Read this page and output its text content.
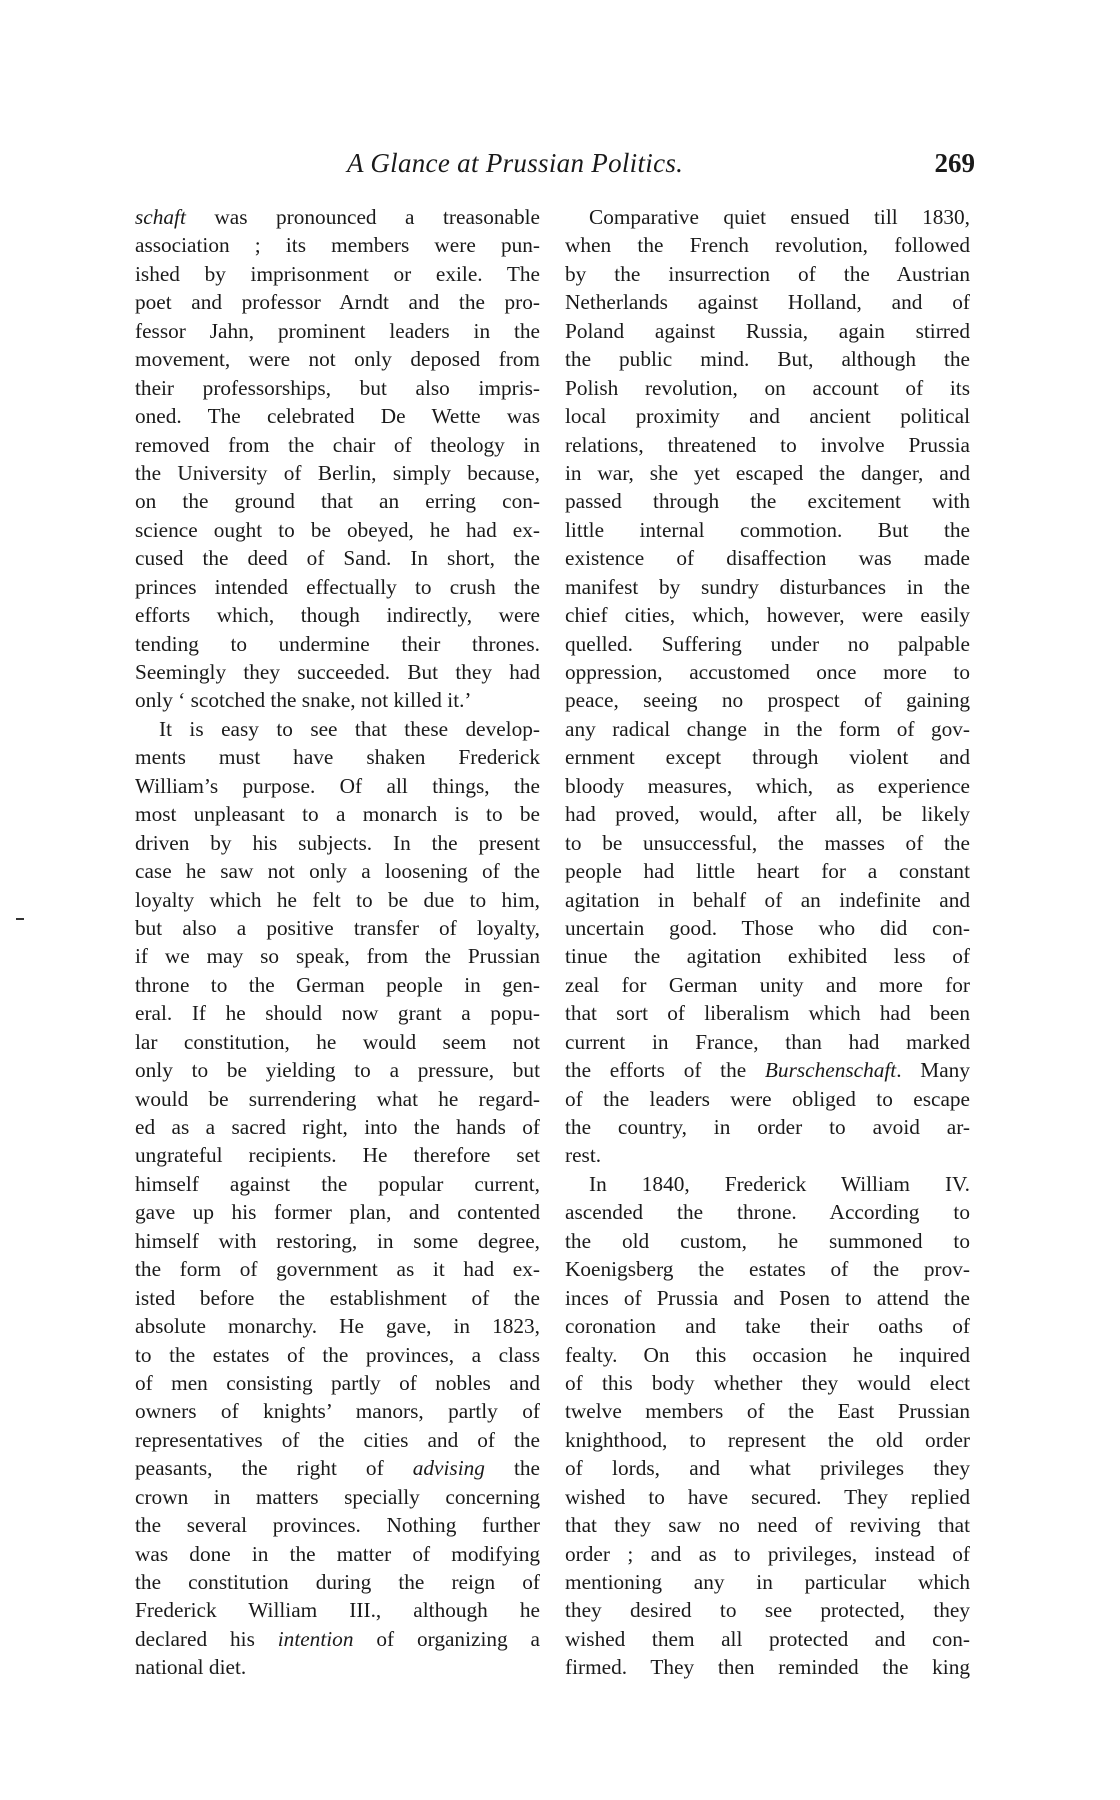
A Glance at Prussian Politics.	269
schaft was pronounced a treasonable
association ; its members were pun-
ished by imprisonment or exile. The
poet and professor Arndt and the pro-
fessor Jahn, prominent leaders in the
movement, were not only deposed from
their professorships, but also impris-
oned. The celebrated De Wette was
removed from the chair of theology in
the University of Berlin, simply because,
on the ground that an erring con-
science ought to be obeyed, he had ex-
cused the deed of Sand. In short, the
princes intended effectually to crush the
efforts which, though indirectly, were
tending to undermine their thrones.
Seemingly they succeeded. But they had
only ‘ scotched the snake, not killed it.’
It is easy to see that these develop-
ments must have shaken Frederick
William’s purpose. Of all things, the
most unpleasant to a monarch is to be
driven by his subjects. In the present
case he saw not only a loosening of the
loyalty which he felt to be due to him,
but also a positive transfer of loyalty,
if we may so speak, from the Prussian
throne to the German people in gen-
eral. If he should now grant a popu-
lar constitution, he would seem not
only to be yielding to a pressure, but
would be surrendering what he regard-
ed as a sacred right, into the hands of
ungrateful recipients. He therefore set
himself against the popular current,
gave up his former plan, and contented
himself with restoring, in some degree,
the form of government as it had ex-
isted before the establishment of the
absolute monarchy. He gave, in 1823,
to the estates of the provinces, a class
of men consisting partly of nobles and
owners of knights’ manors, partly of
representatives of the cities and of the
peasants, the right of advising the
crown in matters specially concerning
the several provinces. Nothing further
was done in the matter of modifying
the constitution during the reign of
Frederick William III., although he
declared his intention of organizing a
national diet.
Comparative quiet ensued till 1830,
when the French revolution, followed
by the insurrection of the Austrian
Netherlands against Holland, and of
Poland against Russia, again stirred
the public mind. But, although the
Polish revolution, on account of its
local proximity and ancient political
relations, threatened to involve Prussia
in war, she yet escaped the danger, and
passed through the excitement with
little internal commotion. But the
existence of disaffection was made
manifest by sundry disturbances in the
chief cities, which, however, were easily
quelled. Suffering under no palpable
oppression, accustomed once more to
peace, seeing no prospect of gaining
any radical change in the form of gov-
ernment except through violent and
bloody measures, which, as experience
had proved, would, after all, be likely
to be unsuccessful, the masses of the
people had little heart for a constant
agitation in behalf of an indefinite and
uncertain good. Those who did con-
tinue the agitation exhibited less of
zeal for German unity and more for
that sort of liberalism which had been
current in France, than had marked
the efforts of the Burschenschaft. Many
of the leaders were obliged to escape
the country, in order to avoid ar-
rest.
In 1840, Frederick William IV.
ascended the throne. According to
the old custom, he summoned to
Koenigsberg the estates of the prov-
inces of Prussia and Posen to attend the
coronation and take their oaths of
fealty. On this occasion he inquired
of this body whether they would elect
twelve members of the East Prussian
knighthood, to represent the old order
of lords, and what privileges they
wished to have secured. They replied
that they saw no need of reviving that
order ; and as to privileges, instead of
mentioning any in particular which
they desired to see protected, they
wished them all protected and con-
firmed. They then reminded the king
